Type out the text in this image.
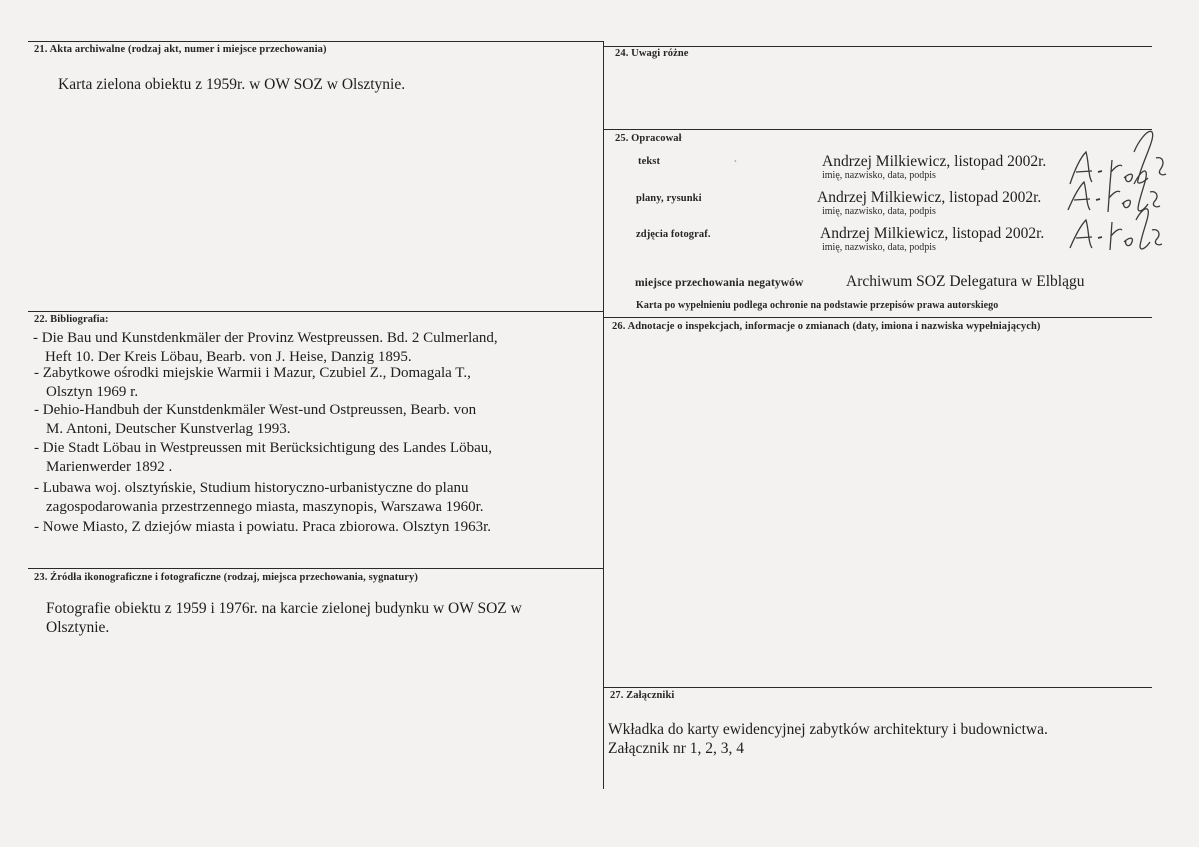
21. Akta archiwalne (rodzaj akt, numer i miejsce przechowania)
Karta zielona obiektu z 1959r. w OW SOZ w Olsztynie.
24. Uwagi różne
25. Opracował
tekst	ˏ	Andrzej Milkiewicz, listopad 2002r.
imię, nazwisko, data, podpis
plany, rysunki	Andrzej Milkiewicz, listopad 2002r.
imię, nazwisko, data, podpis
zdjęcia fotograf.	Andrzej Milkiewicz, listopad 2002r.
imię, nazwisko, data, podpis
miejsce przechowania negatywów	Archiwum SOZ Delegatura w Elblągu
Karta po wypełnieniu podlega ochronie na podstawie przepisów prawa autorskiego
22. Bibliografia:
- Die Bau und Kunstdenkmäler der Provinz Westpreussen. Bd. 2 Culmerland,
Heft 10. Der Kreis Löbau, Bearb. von J. Heise, Danzig 1895.
- Zabytkowe ośrodki miejskie Warmii i Mazur, Czubiel Z., Domagala T.,
Olsztyn 1969 r.
- Dehio-Handbuh der Kunstdenkmäler West-und Ostpreussen, Bearb. von
M. Antoni, Deutscher Kunstverlag 1993.
- Die Stadt Löbau in Westpreussen mit Berücksichtigung des Landes Löbau,
Marienwerder 1892 .
- Lubawa woj. olsztyńskie, Studium historyczno-urbanistyczne do planu
zagospodarowania przestrzennego miasta, maszynopis, Warszawa 1960r.
- Nowe Miasto, Z dziejów miasta i powiatu. Praca zbiorowa. Olsztyn 1963r.
26. Adnotacje o inspekcjach, informacje o zmianach (daty, imiona i nazwiska wypełniających)
23. Źródła ikonograficzne i fotograficzne (rodzaj, miejsca przechowania, sygnatury)
Fotografie obiektu z 1959 i 1976r. na karcie zielonej budynku w OW SOZ w
Olsztynie.
27. Załączniki
Wkładka do karty ewidencyjnej zabytków architektury i budownictwa.
Załącznik nr 1, 2, 3, 4
